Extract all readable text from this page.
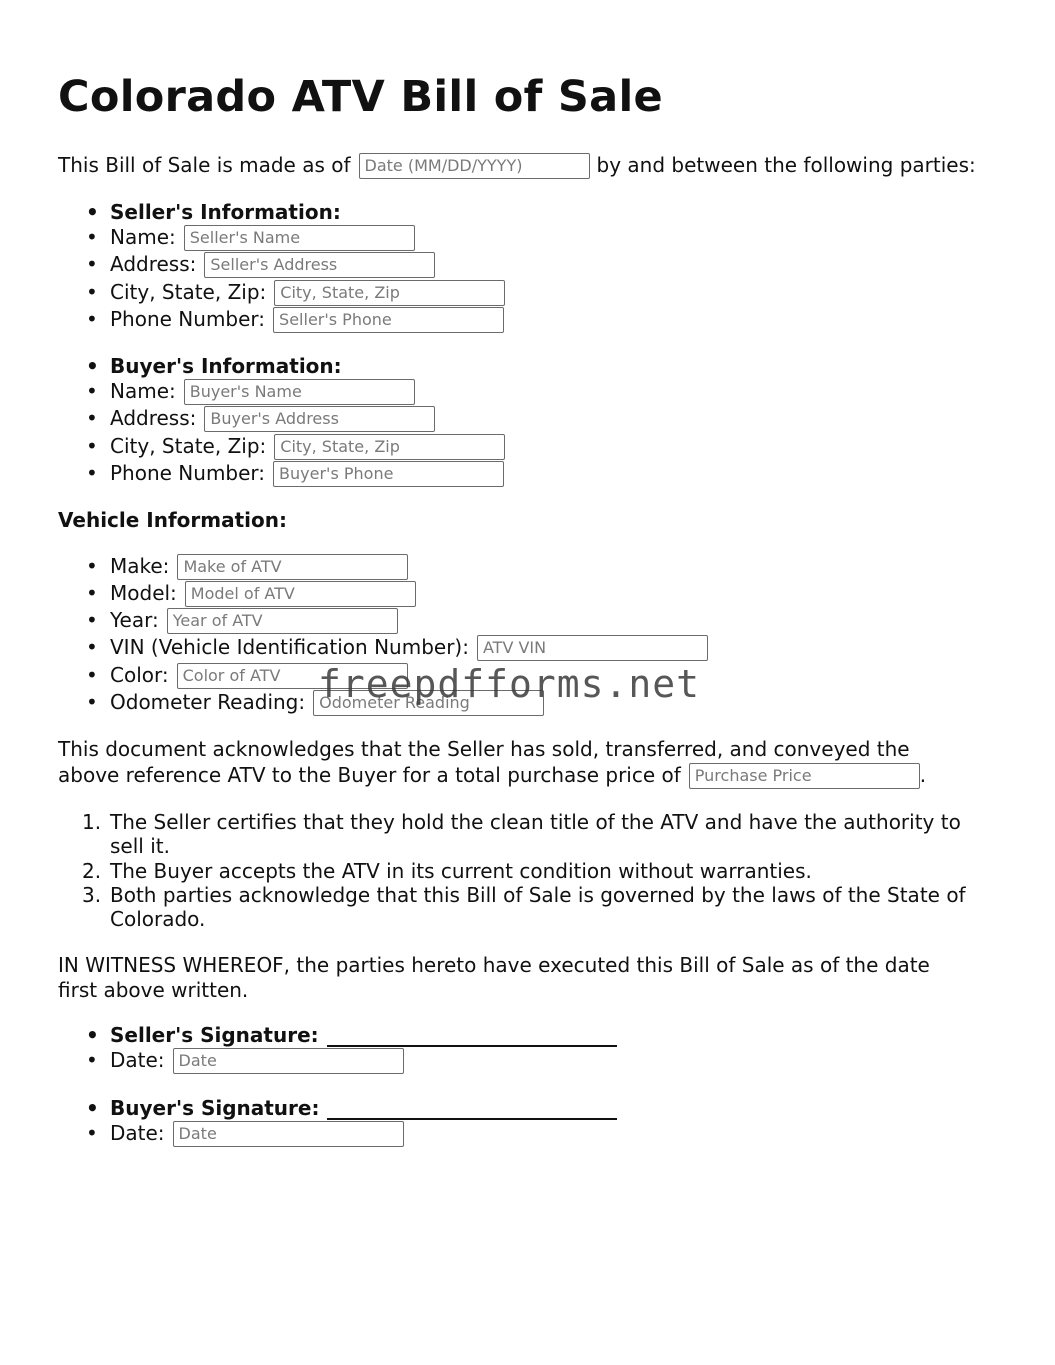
Colorado ATV Bill of Sale
This Bill of Sale is made as of
Date (MM/DD/YYYY)	by and between the following parties:
• Seller's Information:
• Name:
Seller's Name
• Address:
Seller's Address
• City, State, Zip:
City, State, Zip
• Phone Number:
Seller's Phone
• Buyer's Information:
• Name:
Buyer's Name
• Address:
Buyer's Address
• City, State, Zip:
City, State, Zip
• Phone Number:
Buyer's Phone
Vehicle Information:
• Make:
Make of ATV
• Model:
Model of ATV
• Year:
Year of ATV
• VIN (Vehicle Identification Number):
ATV VIN
• Color:
Color of ATV
• Odometer Reading:
Odometer Reading
This document acknowledges that the Seller has sold, transferred, and conveyed the
above reference ATV to the Buyer for a total purchase price of
Purchase Price	.
1. The Seller certifies that they hold the clean title of the ATV and have the authority to
sell it.
2. The Buyer accepts the ATV in its current condition without warranties.
3. Both parties acknowledge that this Bill of Sale is governed by the laws of the State of
Colorado.
IN WITNESS WHEREOF, the parties hereto have executed this Bill of Sale as of the date
first above written.
• Seller's Signature:
• Date:
Date
• Buyer's Signature:
• Date:
Date
freepdfforms.net
